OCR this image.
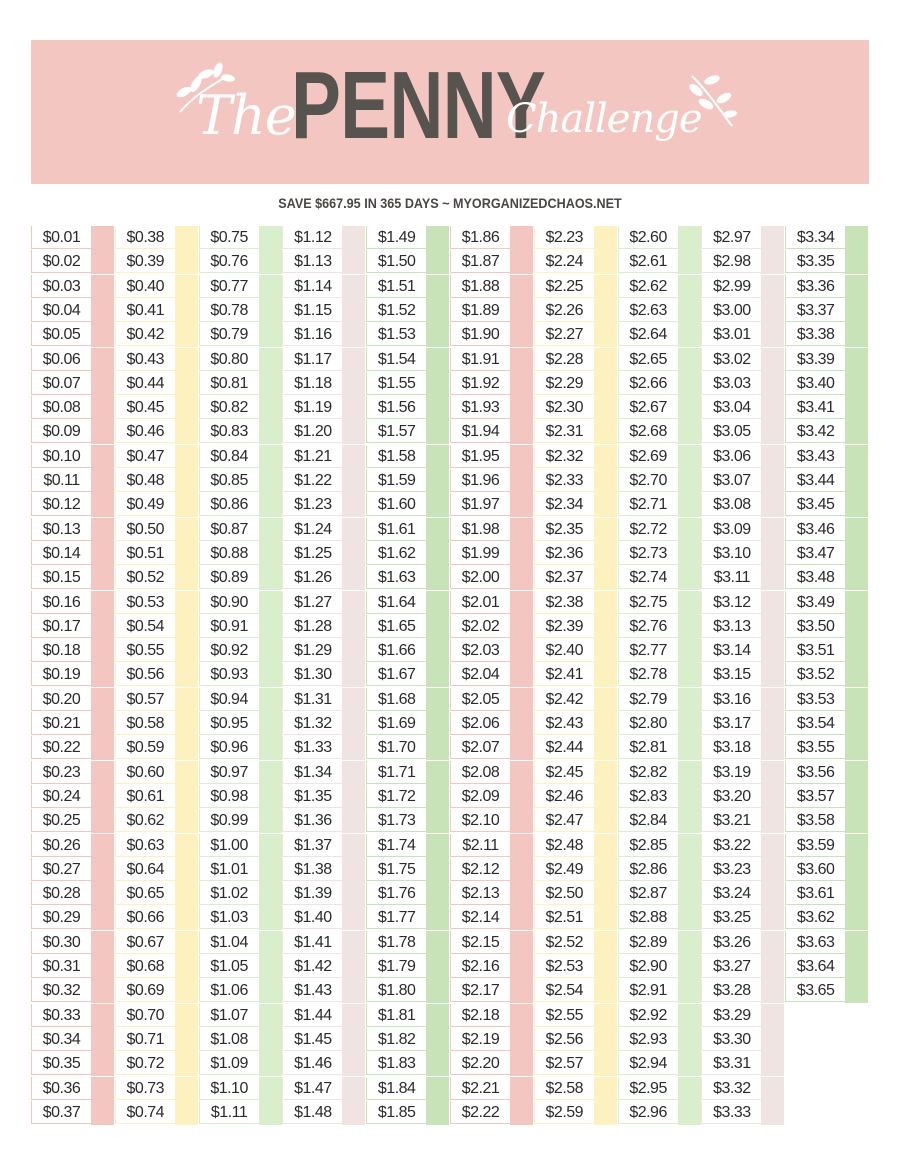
The
PENNY
Challenge
SAVE $667.95 IN 365 DAYS ~ MYORGANIZEDCHAOS.NET
$0.01
$0.02
$0.03
$0.04
$0.05
$0.06
$0.07
$0.08
$0.09
$0.10
$0.11
$0.12
$0.13
$0.14
$0.15
$0.16
$0.17
$0.18
$0.19
$0.20
$0.21
$0.22
$0.23
$0.24
$0.25
$0.26
$0.27
$0.28
$0.29
$0.30
$0.31
$0.32
$0.33
$0.34
$0.35
$0.36
$0.37
$0.38
$0.39
$0.40
$0.41
$0.42
$0.43
$0.44
$0.45
$0.46
$0.47
$0.48
$0.49
$0.50
$0.51
$0.52
$0.53
$0.54
$0.55
$0.56
$0.57
$0.58
$0.59
$0.60
$0.61
$0.62
$0.63
$0.64
$0.65
$0.66
$0.67
$0.68
$0.69
$0.70
$0.71
$0.72
$0.73
$0.74
$0.75
$0.76
$0.77
$0.78
$0.79
$0.80
$0.81
$0.82
$0.83
$0.84
$0.85
$0.86
$0.87
$0.88
$0.89
$0.90
$0.91
$0.92
$0.93
$0.94
$0.95
$0.96
$0.97
$0.98
$0.99
$1.00
$1.01
$1.02
$1.03
$1.04
$1.05
$1.06
$1.07
$1.08
$1.09
$1.10
$1.11
$1.12
$1.13
$1.14
$1.15
$1.16
$1.17
$1.18
$1.19
$1.20
$1.21
$1.22
$1.23
$1.24
$1.25
$1.26
$1.27
$1.28
$1.29
$1.30
$1.31
$1.32
$1.33
$1.34
$1.35
$1.36
$1.37
$1.38
$1.39
$1.40
$1.41
$1.42
$1.43
$1.44
$1.45
$1.46
$1.47
$1.48
$1.49
$1.50
$1.51
$1.52
$1.53
$1.54
$1.55
$1.56
$1.57
$1.58
$1.59
$1.60
$1.61
$1.62
$1.63
$1.64
$1.65
$1.66
$1.67
$1.68
$1.69
$1.70
$1.71
$1.72
$1.73
$1.74
$1.75
$1.76
$1.77
$1.78
$1.79
$1.80
$1.81
$1.82
$1.83
$1.84
$1.85
$1.86
$1.87
$1.88
$1.89
$1.90
$1.91
$1.92
$1.93
$1.94
$1.95
$1.96
$1.97
$1.98
$1.99
$2.00
$2.01
$2.02
$2.03
$2.04
$2.05
$2.06
$2.07
$2.08
$2.09
$2.10
$2.11
$2.12
$2.13
$2.14
$2.15
$2.16
$2.17
$2.18
$2.19
$2.20
$2.21
$2.22
$2.23
$2.24
$2.25
$2.26
$2.27
$2.28
$2.29
$2.30
$2.31
$2.32
$2.33
$2.34
$2.35
$2.36
$2.37
$2.38
$2.39
$2.40
$2.41
$2.42
$2.43
$2.44
$2.45
$2.46
$2.47
$2.48
$2.49
$2.50
$2.51
$2.52
$2.53
$2.54
$2.55
$2.56
$2.57
$2.58
$2.59
$2.60
$2.61
$2.62
$2.63
$2.64
$2.65
$2.66
$2.67
$2.68
$2.69
$2.70
$2.71
$2.72
$2.73
$2.74
$2.75
$2.76
$2.77
$2.78
$2.79
$2.80
$2.81
$2.82
$2.83
$2.84
$2.85
$2.86
$2.87
$2.88
$2.89
$2.90
$2.91
$2.92
$2.93
$2.94
$2.95
$2.96
$2.97
$2.98
$2.99
$3.00
$3.01
$3.02
$3.03
$3.04
$3.05
$3.06
$3.07
$3.08
$3.09
$3.10
$3.11
$3.12
$3.13
$3.14
$3.15
$3.16
$3.17
$3.18
$3.19
$3.20
$3.21
$3.22
$3.23
$3.24
$3.25
$3.26
$3.27
$3.28
$3.29
$3.30
$3.31
$3.32
$3.33
$3.34
$3.35
$3.36
$3.37
$3.38
$3.39
$3.40
$3.41
$3.42
$3.43
$3.44
$3.45
$3.46
$3.47
$3.48
$3.49
$3.50
$3.51
$3.52
$3.53
$3.54
$3.55
$3.56
$3.57
$3.58
$3.59
$3.60
$3.61
$3.62
$3.63
$3.64
$3.65
